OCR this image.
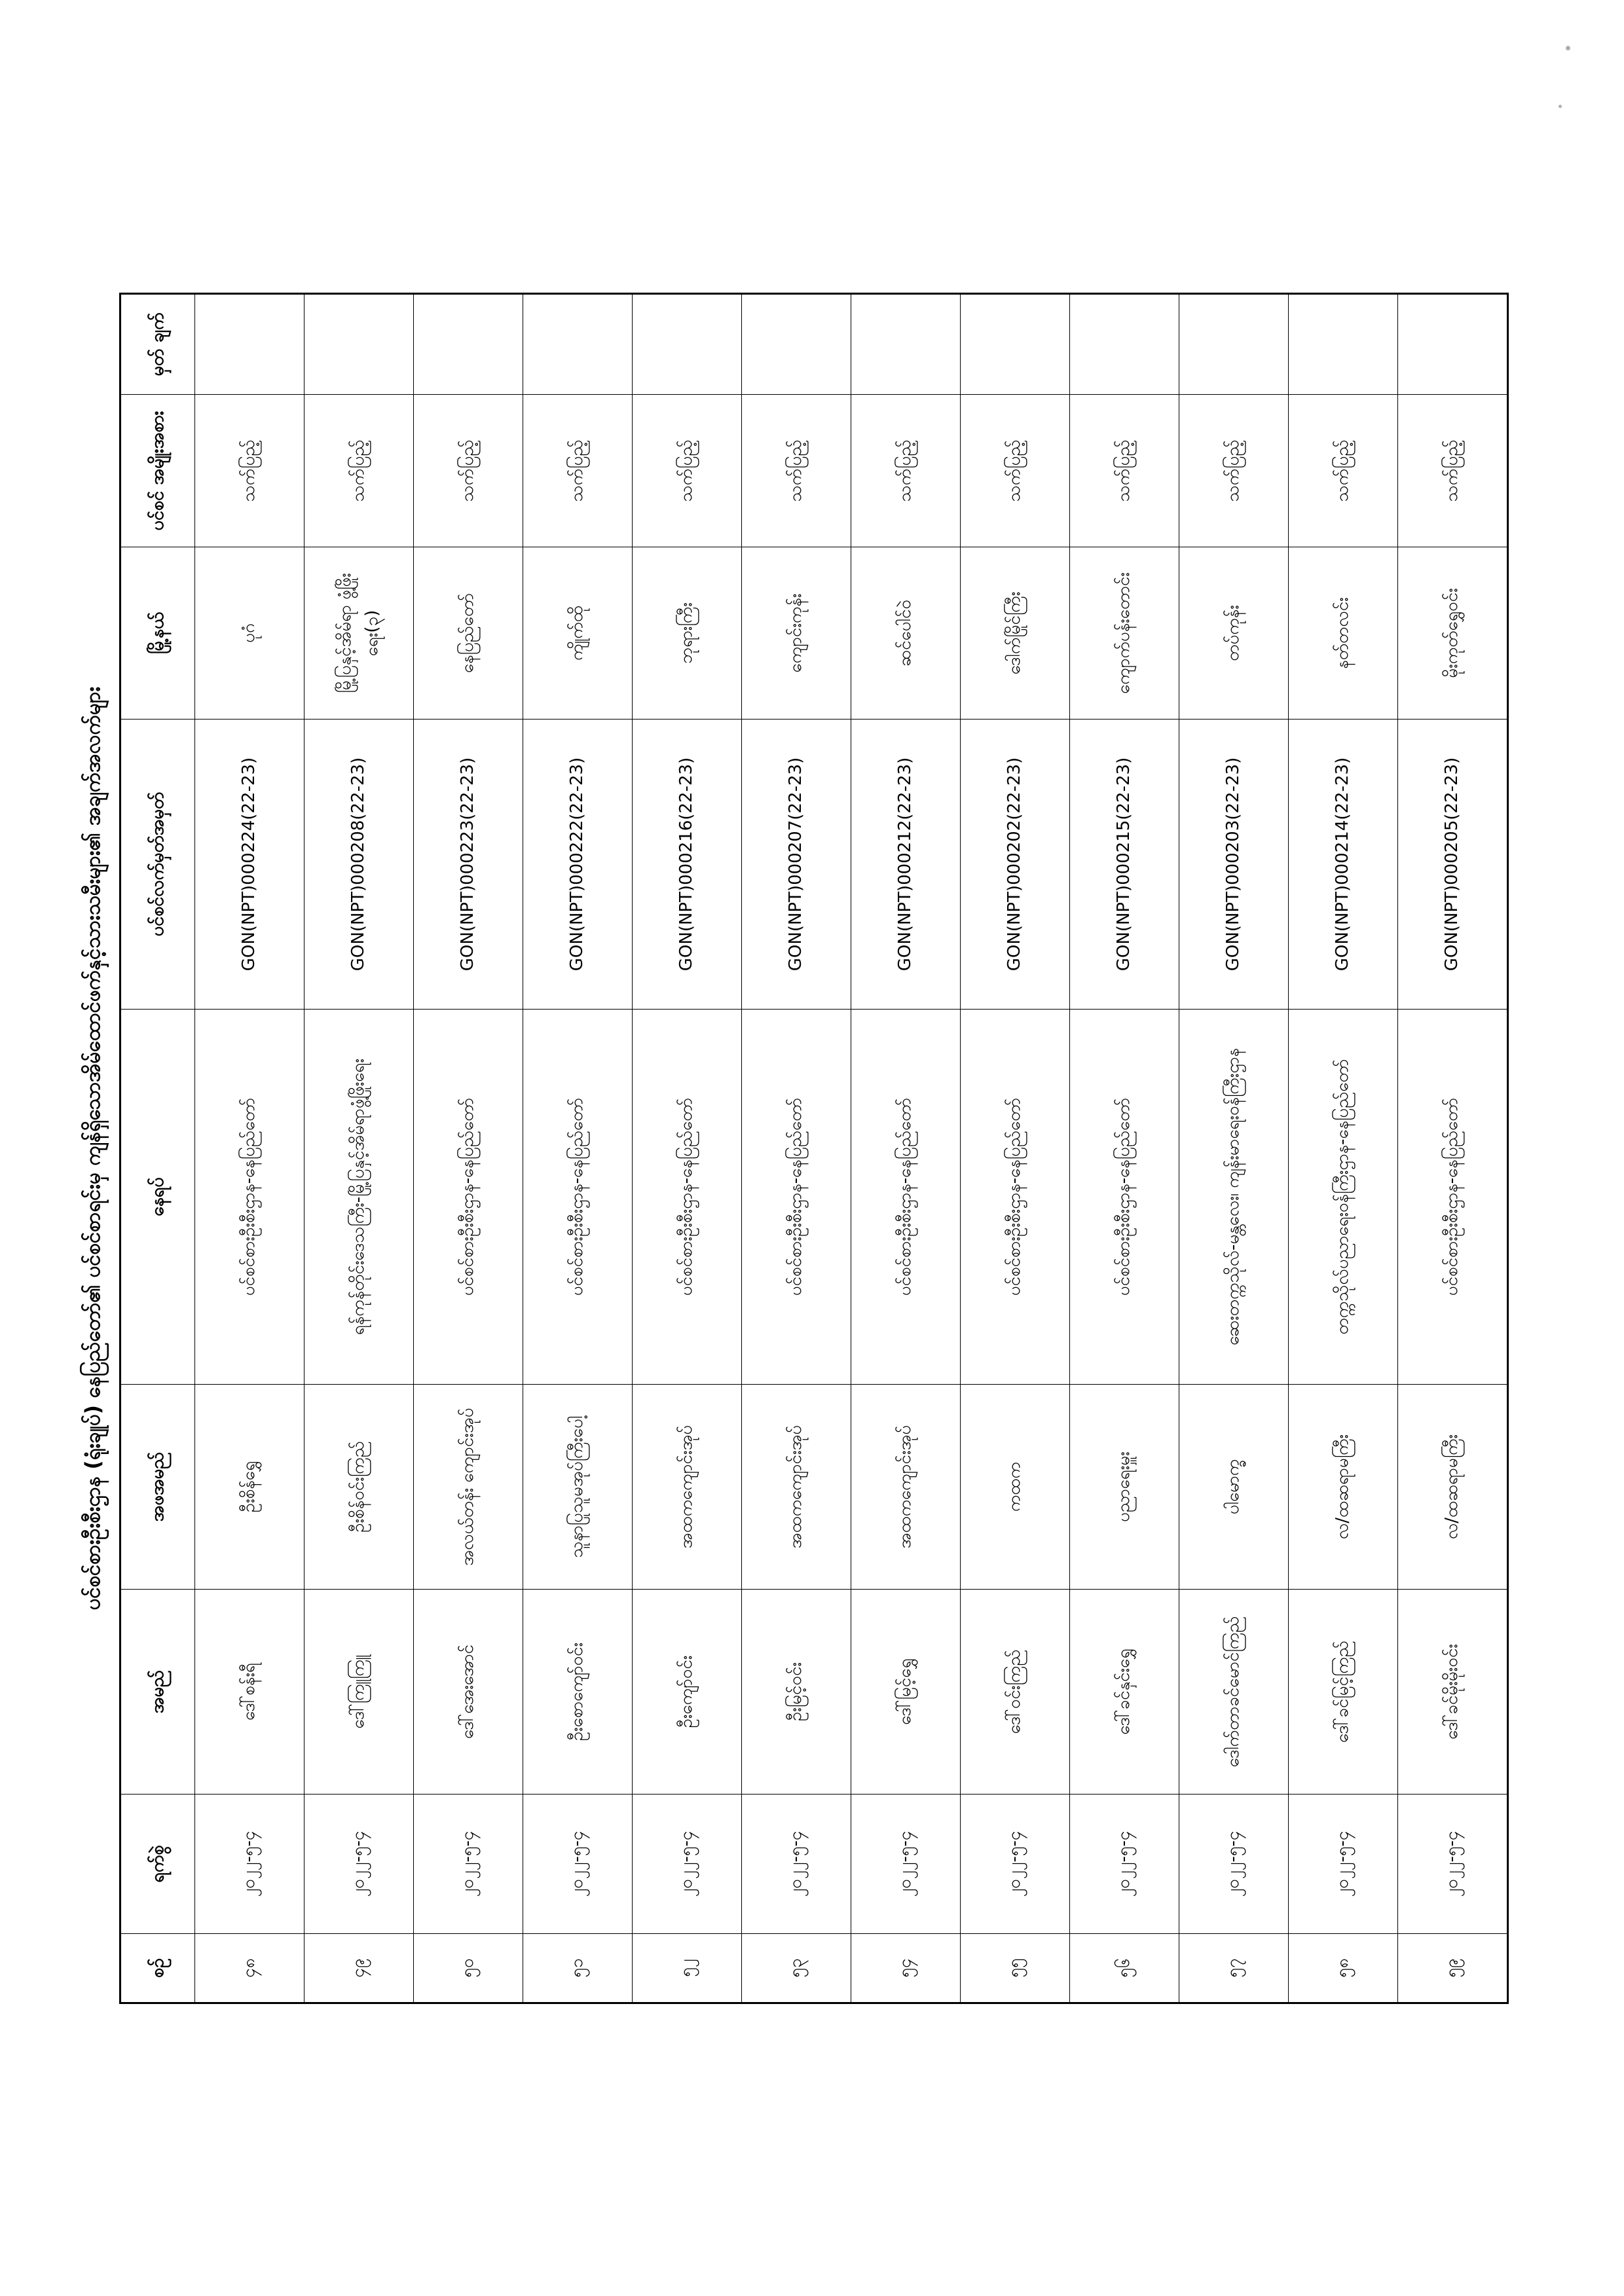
ပင်စင်စားဦးစီးဌာန (ရုံးချုပ်) နေပြည်တော်၏ ပင်စင်စာရင်းမှ ကျန်ရှိသောအိမ်ထောင်ဖက်နှင့်သားသမီးများ၏ အချက်အလက်များ
စဉ်	ရက်စွဲ	အမည်	အဖအမည်	နေရပ်	ပင်စင်လက်မှတ်အမှတ်	မြို့နယ်	ပင်စင် အမျိုးအစား	မှတ် ချက်
၄၈	၂၀၂၂-၅-၄	ဒေါ်စန်းရီ	ဦးစိန်ရွှေ	ပင်စင်စားဦးစီးဌာန-နေပြည်တော်	GON(NPT)000224(22-23)	ပုဂံ	သက်ပြည့်	
၄၉	၂၀၂၂-၅-၄	ဒေါ်ကြူကြူ	ဦးစိန်ဝင်းကြည်	ရန်ကုန်တိုင်းဒေသကြီး-မြို့ပြနှင့်အိမ်ရာဖွံ့ဖြိုးရေး	GON(NPT)000208(22-23)	မြို့ပြနှင့်အိမ်ရာ ဖွံ့ဖြိုးရေး(၃)	သက်ပြည့်	
၅၀	၂၀၂၂-၅-၄	ဒေါ်အေးအောင်	အလယ်တန်း ကျောင်းအုပ်	ပင်စင်စားဦးစီးဌာန-နေပြည်တော်	GON(NPT)000223(22-23)	နေပြည်တော်	သက်ပြည့်	
၅၁	၂၀၂၂-၅-၄	ဦးစောကျော်ဝင်း	သူနာပြုသူမအုပ်ကြီးပေါ့	ပင်စင်စားဦးစီးဌာန-နေပြည်တော်	GON(NPT)000222(22-23)	ကျိုက်ထို	သက်ပြည့်	
၅၂	၂၀၂၂-၅-၄	ဦးကျော်ဝင်း	အထကကျောင်းအုပ်	ပင်စင်စားဦးစီးဌာန-နေပြည်တော်	GON(NPT)000216(22-23)	ဘုရားကြီး	သက်ပြည့်	
၅၃	၂၀၂၂-၅-၄	ဦးမြင့်ဝင်း	အထကကျောင်းအုပ်	ပင်စင်စားဦးစီးဌာန-နေပြည်တော်	GON(NPT)000207(22-23)	ကျောင်းကုန်း	သက်ပြည့်	
၅၄	၂၀၂၂-၅-၄	ဒေါ်မြင့်ရွှေ	အထကကျောင်းအုပ်	ပင်စင်စားဦးစီးဌာန-နေပြည်တော်	GON(NPT)000212(22-23)	ဆင်ပေါင်ဝဲ	သက်ပြည့်	
၅၅	၂၀၂၂-၅-၄	ဒေါ်ဝင်းကြည်	ကထက	ပင်စင်စားဦးစီးဌာန-နေပြည်တော်	GON(NPT)000202(22-23)	ဒေါက်မြိုင်ကြီး	သက်ပြည့်	
၅၆	၂၀၂၂-၅-၄	ဒေါ်ခင်နှင်းရွှေ	ပညာရေးမှူး	ပင်စင်စားဦးစီးဌာန-နေပြည်တော်	GON(NPT)000215(22-23)	ကျောက်ပန်းတောင်း	သက်ပြည့်	
၅၇	၂၀၂၂-၅-၄	ဒေါက်တာခင်မောင်ကြည်	ပါမောက္ခ	ဆေးတက္ကသိုလ်-မန္တလေး၊ ကျန်းမာရေးဝန်ကြီးဌာန	GON(NPT)000203(22-23)	တပ်ကုန်း	သက်ပြည့်	
၅၈	၂၀၂၂-၅-၄	ဒေါ်ခင်မြင့်ကြည်	လ/ထဆရာမကြီး	တက္ကသိုလ်ပညာရေးဝန်ကြီးဌာန-နေပြည်တော်	GON(NPT)000214(22-23)	နတ်တလင်း	သက်ပြည့်	
၅၉	၂၀၂၂-၅-၄	ဒေါ်ခင်မိုးမိုးဝင်း	လ/ထဆရာမကြီး	ပင်စင်စားဦးစီးဌာန-နေပြည်တော်	GON(NPT)000205(22-23)	မိုးကုတ်ရွှေဝင်း	သက်ပြည့်	
